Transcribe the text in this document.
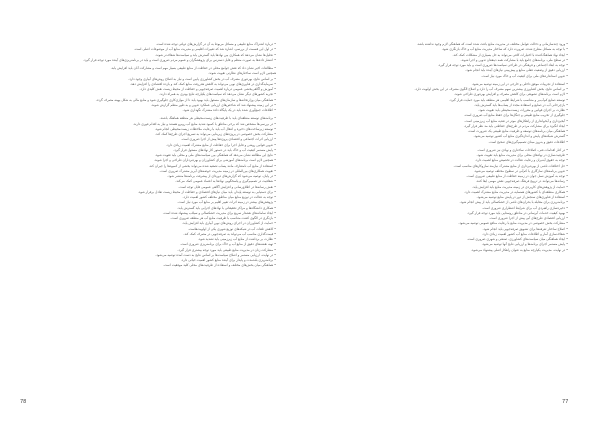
• درباره اشتراک منابع طبیعی و مسائل مربوط به آن در گزارش‌های دولتی توجه شده است.
• در اول این قسمت از بررسی، اشاره شد که تغییرات اقلیمی و مدیریت منابع آب از موضوعات اصلی است.
• تحلیل‌ها نشان می‌دهد که همکاری بین نهادها باید گسترش یابد و سیاست‌ها شفاف‌تر شوند.
• انتشار داده‌ها به صورت منظم و قابل دسترس برای پژوهشگران و عموم مردم ضروری است و باید در برنامه‌ریزی‌های آینده مورد توجه قرار گیرد.
• مطالعات اخیر نشان داد که نقش جوامع محلی در حفاظت از منابع طبیعی بسیار مهم است و مشارکت آنان باید افزایش یابد.
همچنین لازم است ساختارهای نظارتی تقویت شوند.
• بر اساس نتایج، بهره‌وری مصرف آب در بخش کشاورزی پایین است و نیاز به اصلاح روش‌های آبیاری وجود دارد.
• سرمایه‌گذاری در فناوری‌های نوین می‌تواند به کاهش هدررفت منابع کمک کند و بازده اقتصادی را افزایش دهد.
• آموزش و آگاهی‌بخشی عمومی درباره اهمیت صرفه‌جویی و حفاظت از محیط زیست نقش کلیدی دارد.
• تجربه کشورهای دیگر نشان می‌دهد که سیاست‌های یکپارچه نتایج بهتری به همراه دارند.
• هماهنگی میان وزارتخانه‌ها و سازمان‌های مسئول باید بهبود یابد تا از موازی‌کاری جلوگیری شود و منابع مالی به شکل بهینه مصرف گردد.
• در این زمینه پیشنهاد شد که شاخص‌های ارزیابی عملکرد تدوین و به طور منظم گزارش شوند.
• اطلاعات جمع‌آوری شده باید در یک پایگاه داده مشترک نگهداری شود.
• برنامه‌های توسعه منطقه‌ای باید با ظرفیت‌های زیست‌محیطی هر منطقه هماهنگ باشند.
• در بررسی‌ها مشخص شد که برخی مناطق با کمبود شدید منابع آب روبرو هستند و نیاز به اقدام فوری دارند.
• توسعه زیرساخت‌های ذخیره و انتقال آب باید با رعایت ملاحظات زیست‌محیطی انجام شود.
• مشارکت بخش خصوصی در پروژه‌های زیربنایی می‌تواند به تسریع اجرای طرح‌ها کمک کند.
• ارزیابی اثرات اجتماعی و اقتصادی پروژه‌ها پیش از اجرا ضروری است.
• تدوین قوانین روشن و قابل اجرا برای حفاظت از منابع مشترک اهمیت زیادی دارد.
• پایش مستمر کیفیت آب و خاک باید در دستور کار نهادهای مسئول قرار گیرد.
• نتایج این مطالعه نشان می‌دهد که هماهنگی بین سیاست‌های ملی و محلی باید تقویت شود.
• همچنین لازم است برنامه‌های آموزشی برای کشاورزان و بهره‌برداران طراحی و اجرا شوند.
• استفاده از منابع آب نامتعارف مانند پساب تصفیه شده می‌تواند بخشی از کمبودها را جبران کند.
• تقویت همکاری‌های بین‌المللی در زمینه مدیریت حوضه‌های آبریز مشترک ضروری است.
• در پایان، توصیه می‌شود که گزارش‌های دوره‌ای از پیشرفت برنامه‌ها منتشر شود.
• شفافیت در تصمیم‌گیری و پاسخگویی نهادها به اعتماد عمومی کمک می‌کند.
• نقش رسانه‌ها در اطلاع‌رسانی و افزایش آگاهی عمومی قابل توجه است.
• برای دستیابی به توسعه پایدار، باید میان نیازهای اقتصادی و حفاظت از محیط زیست تعادل برقرار شود.
• توجه به عدالت در توزیع منابع میان مناطق مختلف کشور اهمیت دارد.
• پژوهش‌های بیشتر در زمینه اثرات تغییر اقلیم بر منابع آب مورد نیاز است.
• همکاری دانشگاه‌ها و مراکز تحقیقاتی با نهادهای اجرایی باید گسترش یابد.
• ایجاد سامانه‌های هشدار سریع برای مدیریت خشکسالی و سیلاب پیشنهاد شده است.
• بازنگری در الگوی کشت متناسب با ظرفیت منابع آب هر منطقه ضروری است.
• حمایت از کشاورزان در اجرای روش‌های نوین آبیاری باید افزایش یابد.
• کاهش تلفات آب در شبکه‌های توزیع شهری یکی از اولویت‌هاست.
• قیمت‌گذاری مناسب آب می‌تواند به صرفه‌جویی در مصرف کمک کند.
• نظارت بر برداشت از منابع آب زیرزمینی باید تشدید شود.
• تهیه نقشه‌های دقیق از منابع آب و خاک برای برنامه‌ریزی ضروری است.
• مشارکت زنان در مدیریت منابع طبیعی باید مورد توجه بیشتری قرار گیرد.
• در نهایت، ارزیابی مستمر و اصلاح سیاست‌ها بر اساس نتایج به دست آمده توصیه می‌شود.
• برنامه‌ریزی بلندمدت و پایدار برای آینده منابع کشور اهمیت حیاتی دارد.
• هماهنگی میان بخش‌های مختلف و استفاده از ظرفیت‌های محلی کلید موفقیت است.
78
• ورود چندسازمانی و دخالت عوامل مختلف در مدیریت منابع باعث شده است که هماهنگی لازم وجود نداشته باشد.
• با توجه به مسائل مطرح شده، ضرورت دارد که ساختار مدیریت منابع آب و خاک بازنگری شود.
• ایجاد نهاد هماهنگ‌کننده با اختیارات کافی می‌تواند به حل بسیاری از مشکلات کمک کند.
• در سطح ملی، برنامه‌های جامع باید با مشارکت همه ذینفعان تدوین و اجرا شوند.
• توجه به ابعاد اجتماعی و فرهنگی در طراحی سیاست‌ها ضروری است و باید مورد توجه قرار گیرد.
• ارزیابی دقیق از وضعیت فعلی منابع و پیش‌بینی نیازهای آینده باید انجام شود.
• تدوین استانداردهای ملی برای کیفیت آب و خاک مورد نیاز است.
• استفاده از تجربیات موفق داخلی و خارجی در این زمینه توصیه می‌شود.
• بر اساس نتایج، بخش کشاورزی بیشترین سهم مصرف آب را دارد و اصلاح الگوی مصرف در این بخش اولویت دارد.
• لازم است برنامه‌های تشویقی برای کاهش مصرف و افزایش بهره‌وری طراحی شوند.
• توسعه صنایع کم‌آب‌بر و متناسب با شرایط اقلیمی هر منطقه باید مورد حمایت قرار گیرد.
• بازچرخانی آب در صنایع و استفاده مجدد از پساب‌ها باید گسترش یابد.
• نظارت بر اجرای قوانین و مقررات زیست‌محیطی باید تقویت شود.
• جلوگیری از تخریب منابع طبیعی و جنگل‌ها برای حفظ منابع آب ضروری است.
• آبخیزداری و آبخوانداری از راهکارهای موثر در تغذیه منابع آب زیرزمینی است.
• ایجاد انگیزه برای مشارکت مردم در طرح‌های حفاظتی باید مد نظر قرار گیرد.
• هماهنگی میان برنامه‌های توسعه و ظرفیت منابع طبیعی یک ضرورت است.
• گسترش شبکه‌های پایش و اندازه‌گیری منابع آب کشور توصیه می‌شود.
• اطلاعات دقیق و به‌روز مبنای تصمیم‌گیری‌های صحیح است.
• در کنار اقدامات فنی، اصلاحات ساختاری و نهادی نیز ضروری است.
• ظرفیت‌سازی در نهادهای محلی برای مدیریت منابع باید تقویت شود.
• توجه به حقوق آبه‌بران و رعایت عدالت در تخصیص منابع اهمیت دارد.
• حل اختلافات ناشی از بهره‌برداری از منابع مشترک نیازمند سازوکارهای مناسب است.
• تدوین برنامه‌های سازگاری با کم‌آبی در سطوح مختلف توصیه می‌شود.
• توجه به آموزش نسل جوان در زمینه حفاظت از منابع طبیعی ضروری است.
• رسانه‌ها می‌توانند در ترویج فرهنگ صرفه‌جویی نقش مهمی ایفا کنند.
• حمایت از پژوهش‌های کاربردی در زمینه مدیریت منابع باید افزایش یابد.
• همکاری منطقه‌ای با کشورهای همسایه در مدیریت منابع مشترک اهمیت دارد.
• استفاده از فناوری‌های سنجش از دور در پایش منابع توصیه می‌شود.
• برنامه‌ریزی برای مقابله با بحران‌های ناشی از خشکسالی باید از پیش انجام شود.
• ذخیره‌سازی راهبردی آب برای شرایط اضطراری ضروری است.
• بهبود کیفیت خدمات آبرسانی در مناطق روستایی باید مورد توجه قرار گیرد.
• ارزیابی اقتصادی طرح‌های آبی پیش از اجرا ضروری است.
• مشارکت بخش خصوصی در مدیریت منابع با رعایت منافع عمومی توصیه می‌شود.
• اصلاح ساختار تعرفه‌ها برای تشویق صرفه‌جویی باید انجام شود.
• شفاف‌سازی آمار و اطلاعات منابع آب کشور اهمیت زیادی دارد.
• ایجاد هماهنگی میان سیاست‌های کشاورزی، صنعتی و شهری ضروری است.
• پایش مستمر اجرای برنامه‌ها و ارزیابی نتایج آنها توصیه می‌شود.
• در نهایت، مدیریت یکپارچه منابع به عنوان راهکار اصلی پیشنهاد می‌شود.
77
